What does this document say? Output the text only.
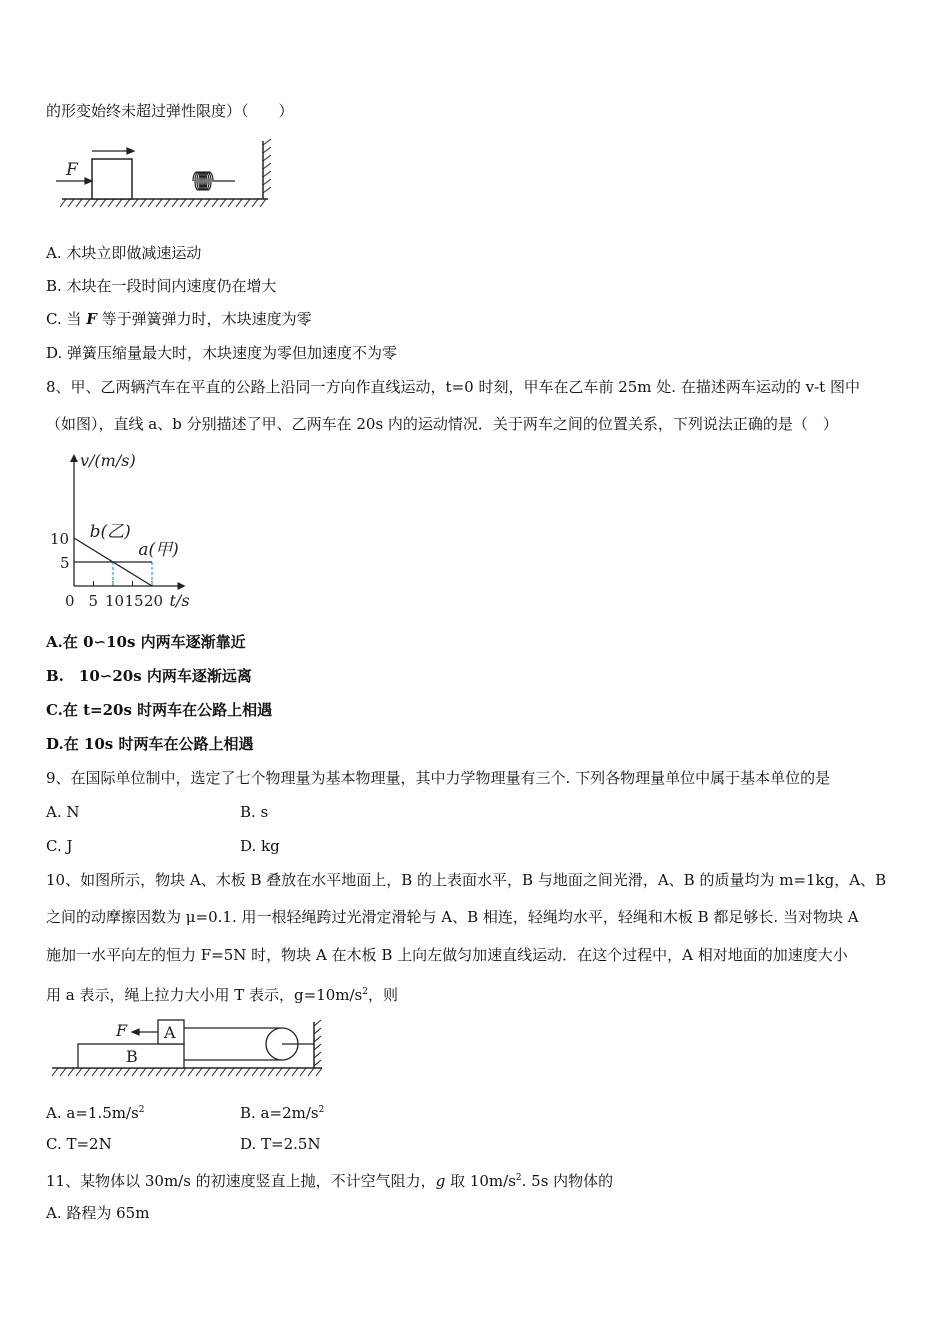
的形变始终未超过弹性限度）（　　）
F
A. 木块立即做减速运动
B. 木块在一段时间内速度仍在增大
C. 当 F 等于弹簧弹力时，木块速度为零
D. 弹簧压缩量最大时，木块速度为零但加速度不为零
8、甲、乙两辆汽车在平直的公路上沿同一方向作直线运动，t=0 时刻，甲车在乙车前 25m 处. 在描述两车运动的 v-t 图中
（如图），直线 a、b 分别描述了甲、乙两车在 20s 内的运动情况．关于两车之间的位置关系，下列说法正确的是（　）
v/(m/s)
t/s
0 5 10 15 20
10
5
b(乙)
a(甲)
A.在 0∽10s 内两车逐渐靠近
B.　10∽20s 内两车逐渐远离
C.在 t=20s 时两车在公路上相遇
D.在 10s 时两车在公路上相遇
9、在国际单位制中，选定了七个物理量为基本物理量，其中力学物理量有三个. 下列各物理量单位中属于基本单位的是
A. N	B. s
C. J	D. kg
10、如图所示，物块 A、木板 B 叠放在水平地面上，B 的上表面水平，B 与地面之间光滑，A、B 的质量均为 m=1kg，A、B
之间的动摩擦因数为 μ=0.1. 用一根轻绳跨过光滑定滑轮与 A、B 相连，轻绳均水平，轻绳和木板 B 都足够长. 当对物块 A
施加一水平向左的恒力 F=5N 时，物块 A 在木板 B 上向左做匀加速直线运动．在这个过程中，A 相对地面的加速度大小
用 a 表示，绳上拉力大小用 T 表示，$g=10m/s^2$，则
B
A
F
A. $a=1.5m/s^2$	B. $a=2m/s^2$
C. T=2N	D. T=2.5N
11、某物体以 30m/s 的初速度竖直上抛，不计空气阻力，g 取 $10m/s^2$. 5s 内物体的
A. 路程为 65m
